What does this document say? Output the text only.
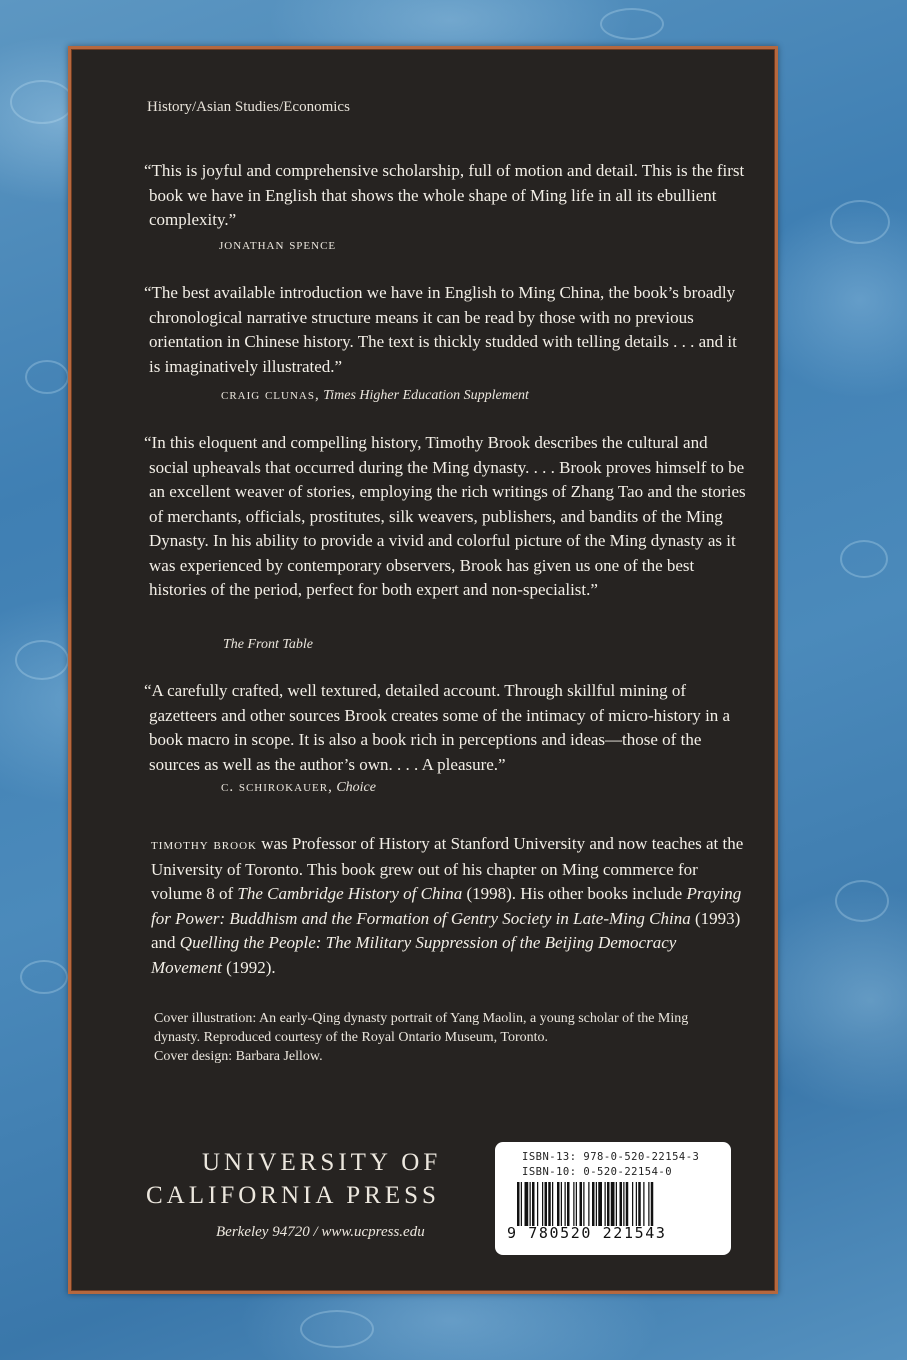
History/Asian Studies/Economics
“This is joyful and comprehensive scholarship, full of motion and detail. This is the first book we have in English that shows the whole shape of Ming life in all its ebullient complexity.”
jonathan spence
“The best available introduction we have in English to Ming China, the book’s broadly chronological narrative structure means it can be read by those with no previous orientation in Chinese history. The text is thickly studded with telling details . . . and it is imaginatively illustrated.”
craig clunas, Times Higher Education Supplement
“In this eloquent and compelling history, Timothy Brook describes the cultural and social upheavals that occurred during the Ming dynasty. . . . Brook proves himself to be an excellent weaver of stories, employing the rich writings of Zhang Tao and the stories of merchants, officials, prostitutes, silk weavers, publishers, and bandits of the Ming Dynasty. In his ability to provide a vivid and colorful picture of the Ming dynasty as it was experienced by contemporary observers, Brook has given us one of the best histories of the period, perfect for both expert and non-specialist.”
The Front Table
“A carefully crafted, well textured, detailed account. Through skillful mining of gazetteers and other sources Brook creates some of the intimacy of micro-history in a book macro in scope. It is also a book rich in perceptions and ideas—those of the sources as well as the author’s own. . . . A pleasure.”
c. schirokauer, Choice
timothy brook was Professor of History at Stanford University and now teaches at the University of Toronto. This book grew out of his chapter on Ming commerce for volume 8 of The Cambridge History of China (1998). His other books include Praying for Power: Buddhism and the Formation of Gentry Society in Late-Ming China (1993) and Quelling the People: The Military Suppression of the Beijing Democracy Movement (1992).
Cover illustration: An early-Qing dynasty portrait of Yang Maolin, a young scholar of the Ming dynasty. Reproduced courtesy of the Royal Ontario Museum, Toronto.
Cover design: Barbara Jellow.
UNIVERSITY OF
CALIFORNIA PRESS
Berkeley 94720 / www.ucpress.edu
ISBN-13: 978-0-520-22154-3
ISBN-10: 0-520-22154-0
9 780520 221543
